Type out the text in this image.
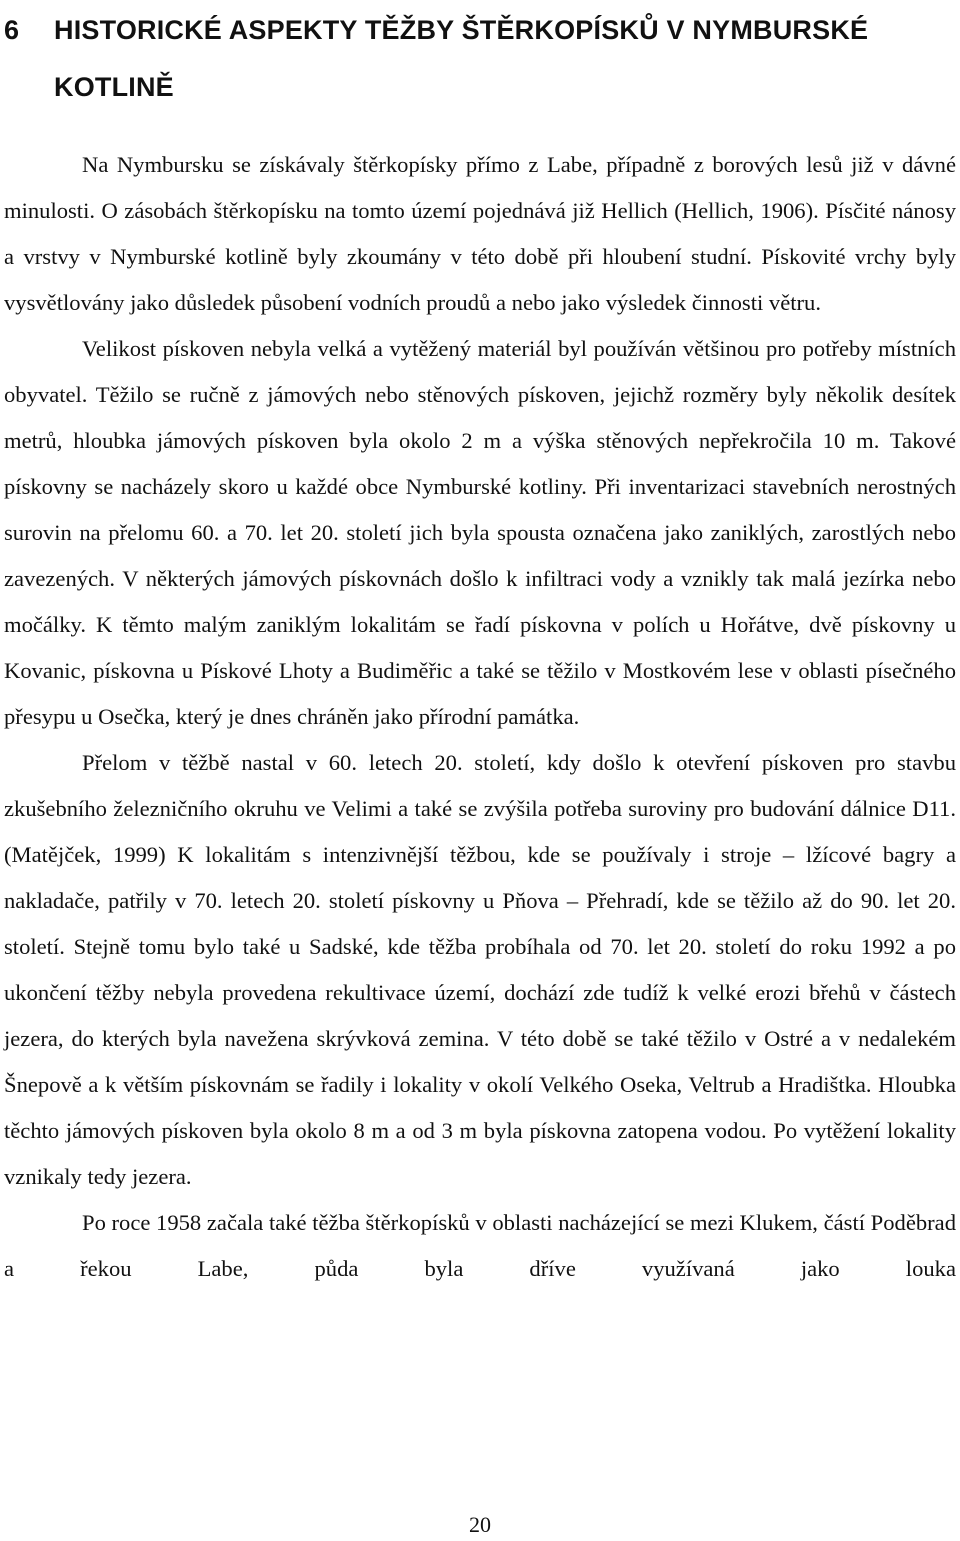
6	HISTORICKÉ ASPEKTY TĚŽBY ŠTĚRKOPÍSKŮ V NYMBURSKÉ KOTLINĚ

Na Nymbursku se získávaly štěrkopísky přímo z Labe, případně z borových lesů již v dávné minulosti. O zásobách štěrkopísku na tomto území pojednává již Hellich (Hellich, 1906). Písčité nánosy a vrstvy v Nymburské kotlině byly zkoumány v této době při hloubení studní. Pískovité vrchy byly vysvětlovány jako důsledek působení vodních proudů a nebo jako výsledek činnosti větru.

Velikost pískoven nebyla velká a vytěžený materiál byl používán většinou pro potřeby místních obyvatel. Těžilo se ručně z jámových nebo stěnových pískoven, jejichž rozměry byly několik desítek metrů, hloubka jámových pískoven byla okolo 2 m a výška stěnových nepřekročila 10 m. Takové pískovny se nacházely skoro u každé obce Nymburské kotliny. Při inventarizaci stavebních nerostných surovin na přelomu 60. a 70. let 20. století jich byla spousta označena jako zaniklých, zarostlých nebo zavezených. V některých jámových pískovnách došlo k infiltraci vody a vznikly tak malá jezírka nebo močálky. K těmto malým zaniklým lokalitám se řadí pískovna v polích u Hořátve, dvě pískovny u Kovanic, pískovna u Pískové Lhoty a Budiměřic a také se těžilo v Mostkovém lese v oblasti písečného přesypu u Osečka, který je dnes chráněn jako přírodní památka.

Přelom v těžbě nastal v 60. letech 20. století, kdy došlo k otevření pískoven pro stavbu zkušebního železničního okruhu ve Velimi a také se zvýšila potřeba suroviny pro budování dálnice D11. (Matějček, 1999) K lokalitám s intenzivnější těžbou, kde se používaly i stroje – lžícové bagry a nakladače, patřily v 70. letech 20. století pískovny u Pňova – Přehradí, kde se těžilo až do 90. let 20. století. Stejně tomu bylo také u Sadské, kde těžba probíhala od 70. let 20. století do roku 1992 a po ukončení těžby nebyla provedena rekultivace území, dochází zde tudíž k velké erozi břehů v částech jezera, do kterých byla navežena skrývková zemina. V této době se také těžilo v Ostré a v nedalekém Šnepově a k větším pískovnám se řadily i lokality v okolí Velkého Oseka, Veltrub a Hradištka. Hloubka těchto jámových pískoven byla okolo 8 m a od 3 m byla pískovna zatopena vodou. Po vytěžení lokality vznikaly tedy jezera.

Po roce 1958 začala také těžba štěrkopísků v oblasti nacházející se mezi Klukem, částí Poděbrad a řekou Labe, půda byla dříve využívaná jako louka

20
